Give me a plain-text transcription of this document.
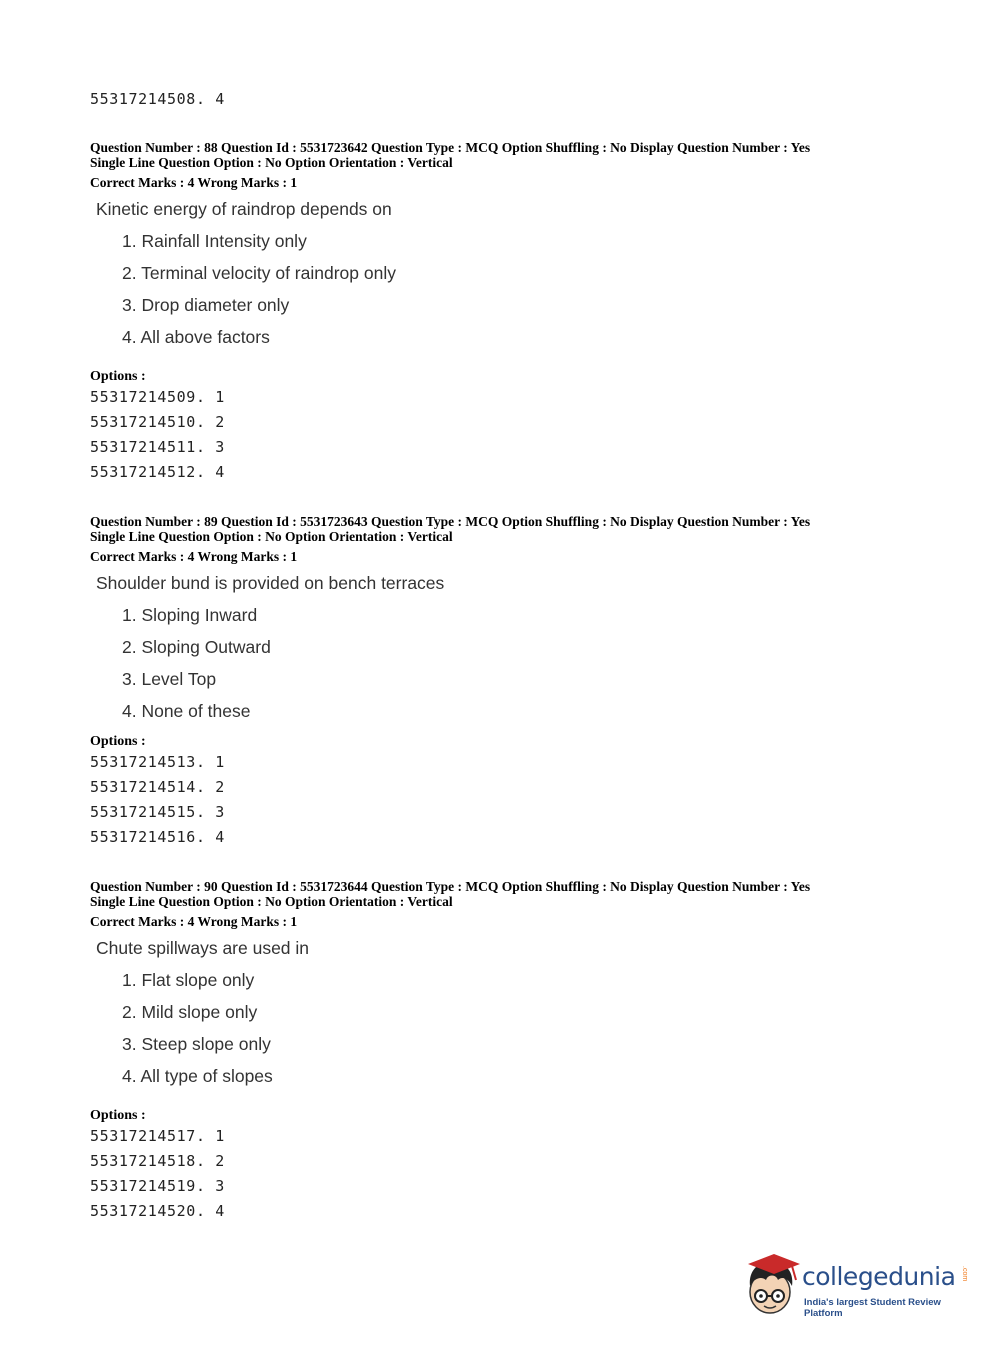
55317214508. 4
Question Number : 88 Question Id : 5531723642 Question Type : MCQ Option Shuffling : No Display Question Number : Yes
Single Line Question Option : No Option Orientation : Vertical
Correct Marks : 4 Wrong Marks : 1
Kinetic energy of raindrop depends on
1. Rainfall Intensity only
2. Terminal velocity of raindrop only
3. Drop diameter only
4. All above factors
Options :
55317214509. 1
55317214510. 2
55317214511. 3
55317214512. 4
Question Number : 89 Question Id : 5531723643 Question Type : MCQ Option Shuffling : No Display Question Number : Yes
Single Line Question Option : No Option Orientation : Vertical
Correct Marks : 4 Wrong Marks : 1
Shoulder bund is provided on bench terraces
1. Sloping Inward
2. Sloping Outward
3. Level Top
4. None of these
Options :
55317214513. 1
55317214514. 2
55317214515. 3
55317214516. 4
Question Number : 90 Question Id : 5531723644 Question Type : MCQ Option Shuffling : No Display Question Number : Yes
Single Line Question Option : No Option Orientation : Vertical
Correct Marks : 4 Wrong Marks : 1
Chute spillways are used in
1. Flat slope only
2. Mild slope only
3. Steep slope only
4. All type of slopes
Options :
55317214517. 1
55317214518. 2
55317214519. 3
55317214520. 4
collegedunia .com
India's largest Student Review Platform
